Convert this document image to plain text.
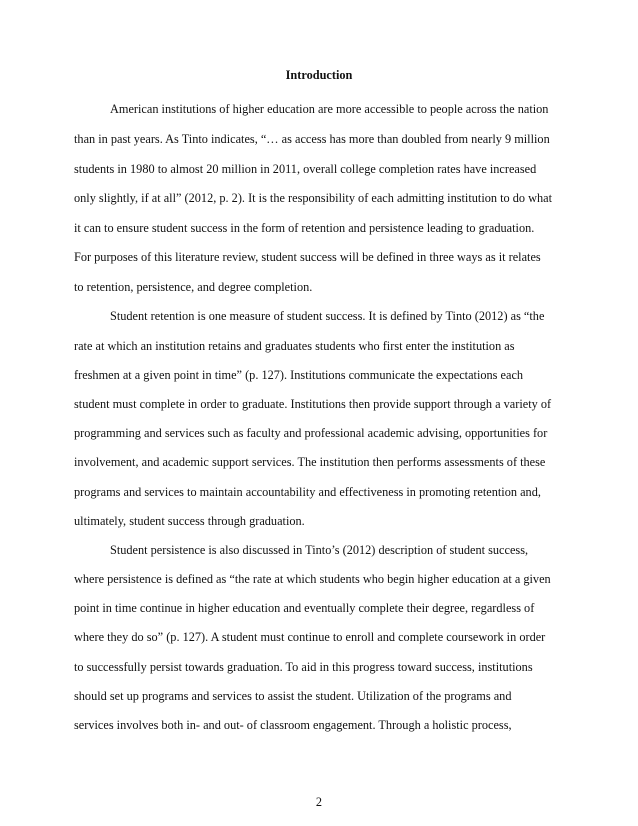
Introduction
American institutions of higher education are more accessible to people across the nation
than in past years. As Tinto indicates, “… as access has more than doubled from nearly 9 million
students in 1980 to almost 20 million in 2011, overall college completion rates have increased
only slightly, if at all” (2012, p. 2). It is the responsibility of each admitting institution to do what
it can to ensure student success in the form of retention and persistence leading to graduation.
For purposes of this literature review, student success will be defined in three ways as it relates
to retention, persistence, and degree completion.
Student retention is one measure of student success. It is defined by Tinto (2012) as “the
rate at which an institution retains and graduates students who first enter the institution as
freshmen at a given point in time” (p. 127). Institutions communicate the expectations each
student must complete in order to graduate. Institutions then provide support through a variety of
programming and services such as faculty and professional academic advising, opportunities for
involvement, and academic support services. The institution then performs assessments of these
programs and services to maintain accountability and effectiveness in promoting retention and,
ultimately, student success through graduation.
Student persistence is also discussed in Tinto’s (2012) description of student success,
where persistence is defined as “the rate at which students who begin higher education at a given
point in time continue in higher education and eventually complete their degree, regardless of
where they do so” (p. 127). A student must continue to enroll and complete coursework in order
to successfully persist towards graduation. To aid in this progress toward success, institutions
should set up programs and services to assist the student. Utilization of the programs and
services involves both in- and out- of classroom engagement. Through a holistic process,
2
